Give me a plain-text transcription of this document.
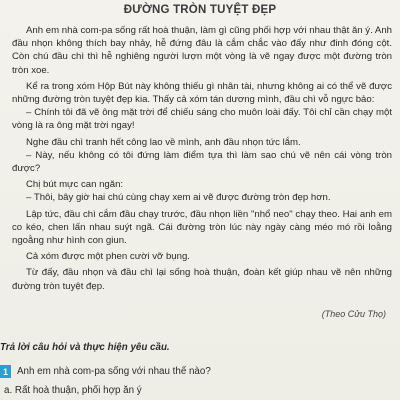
ĐƯỜNG TRÒN TUYỆT ĐẸP

Anh em nhà com-pa sống rất hoà thuận, làm gì cũng phối hợp với nhau thật ăn ý. Anh đầu nhọn không thích bay nhảy, hễ đứng đâu là cắm chắc vào đấy như đinh đóng cột. Còn chú đầu chì thì hễ nghiêng người lượn một vòng là vẽ ngay được một đường tròn tròn xoe.

Kể ra trong xóm Hộp Bút này không thiếu gì nhân tài, nhưng không ai có thể vẽ được những đường tròn tuyệt đẹp kia. Thấy cả xóm tán dương mình, đầu chì vỗ ngực bảo:

– Chính tôi đã vẽ ông mặt trời để chiếu sáng cho muôn loài đấy. Tôi chỉ cần chạy một vòng là ra ông mặt trời ngay!

Nghe đầu chì tranh hết công lao về mình, anh đầu nhọn tức lắm.

– Này, nếu không có tôi đứng làm điểm tựa thì làm sao chú vẽ nên cái vòng tròn được?

Chị bút mực can ngăn:

– Thôi, bây giờ hai chú cùng chạy xem ai vẽ được đường tròn đẹp hơn.

Lập tức, đầu chì cắm đầu chạy trước, đầu nhọn liền "nhổ neo" chạy theo. Hai anh em co kéo, chen lấn nhau suýt ngã. Cái đường tròn lúc này ngày càng méo mó rồi loằng ngoằng như hình con giun.

Cả xóm được một phen cười vỡ bụng.

Từ đấy, đầu nhọn và đầu chì lại sống hoà thuận, đoàn kết giúp nhau vẽ nên những đường tròn tuyệt đẹp.

(Theo Cửu Thọ)
Trả lời câu hỏi và thực hiện yêu cầu.
1 Anh em nhà com-pa sống với nhau thế nào?
a. Rất hoà thuận, phối hợp ăn ý
